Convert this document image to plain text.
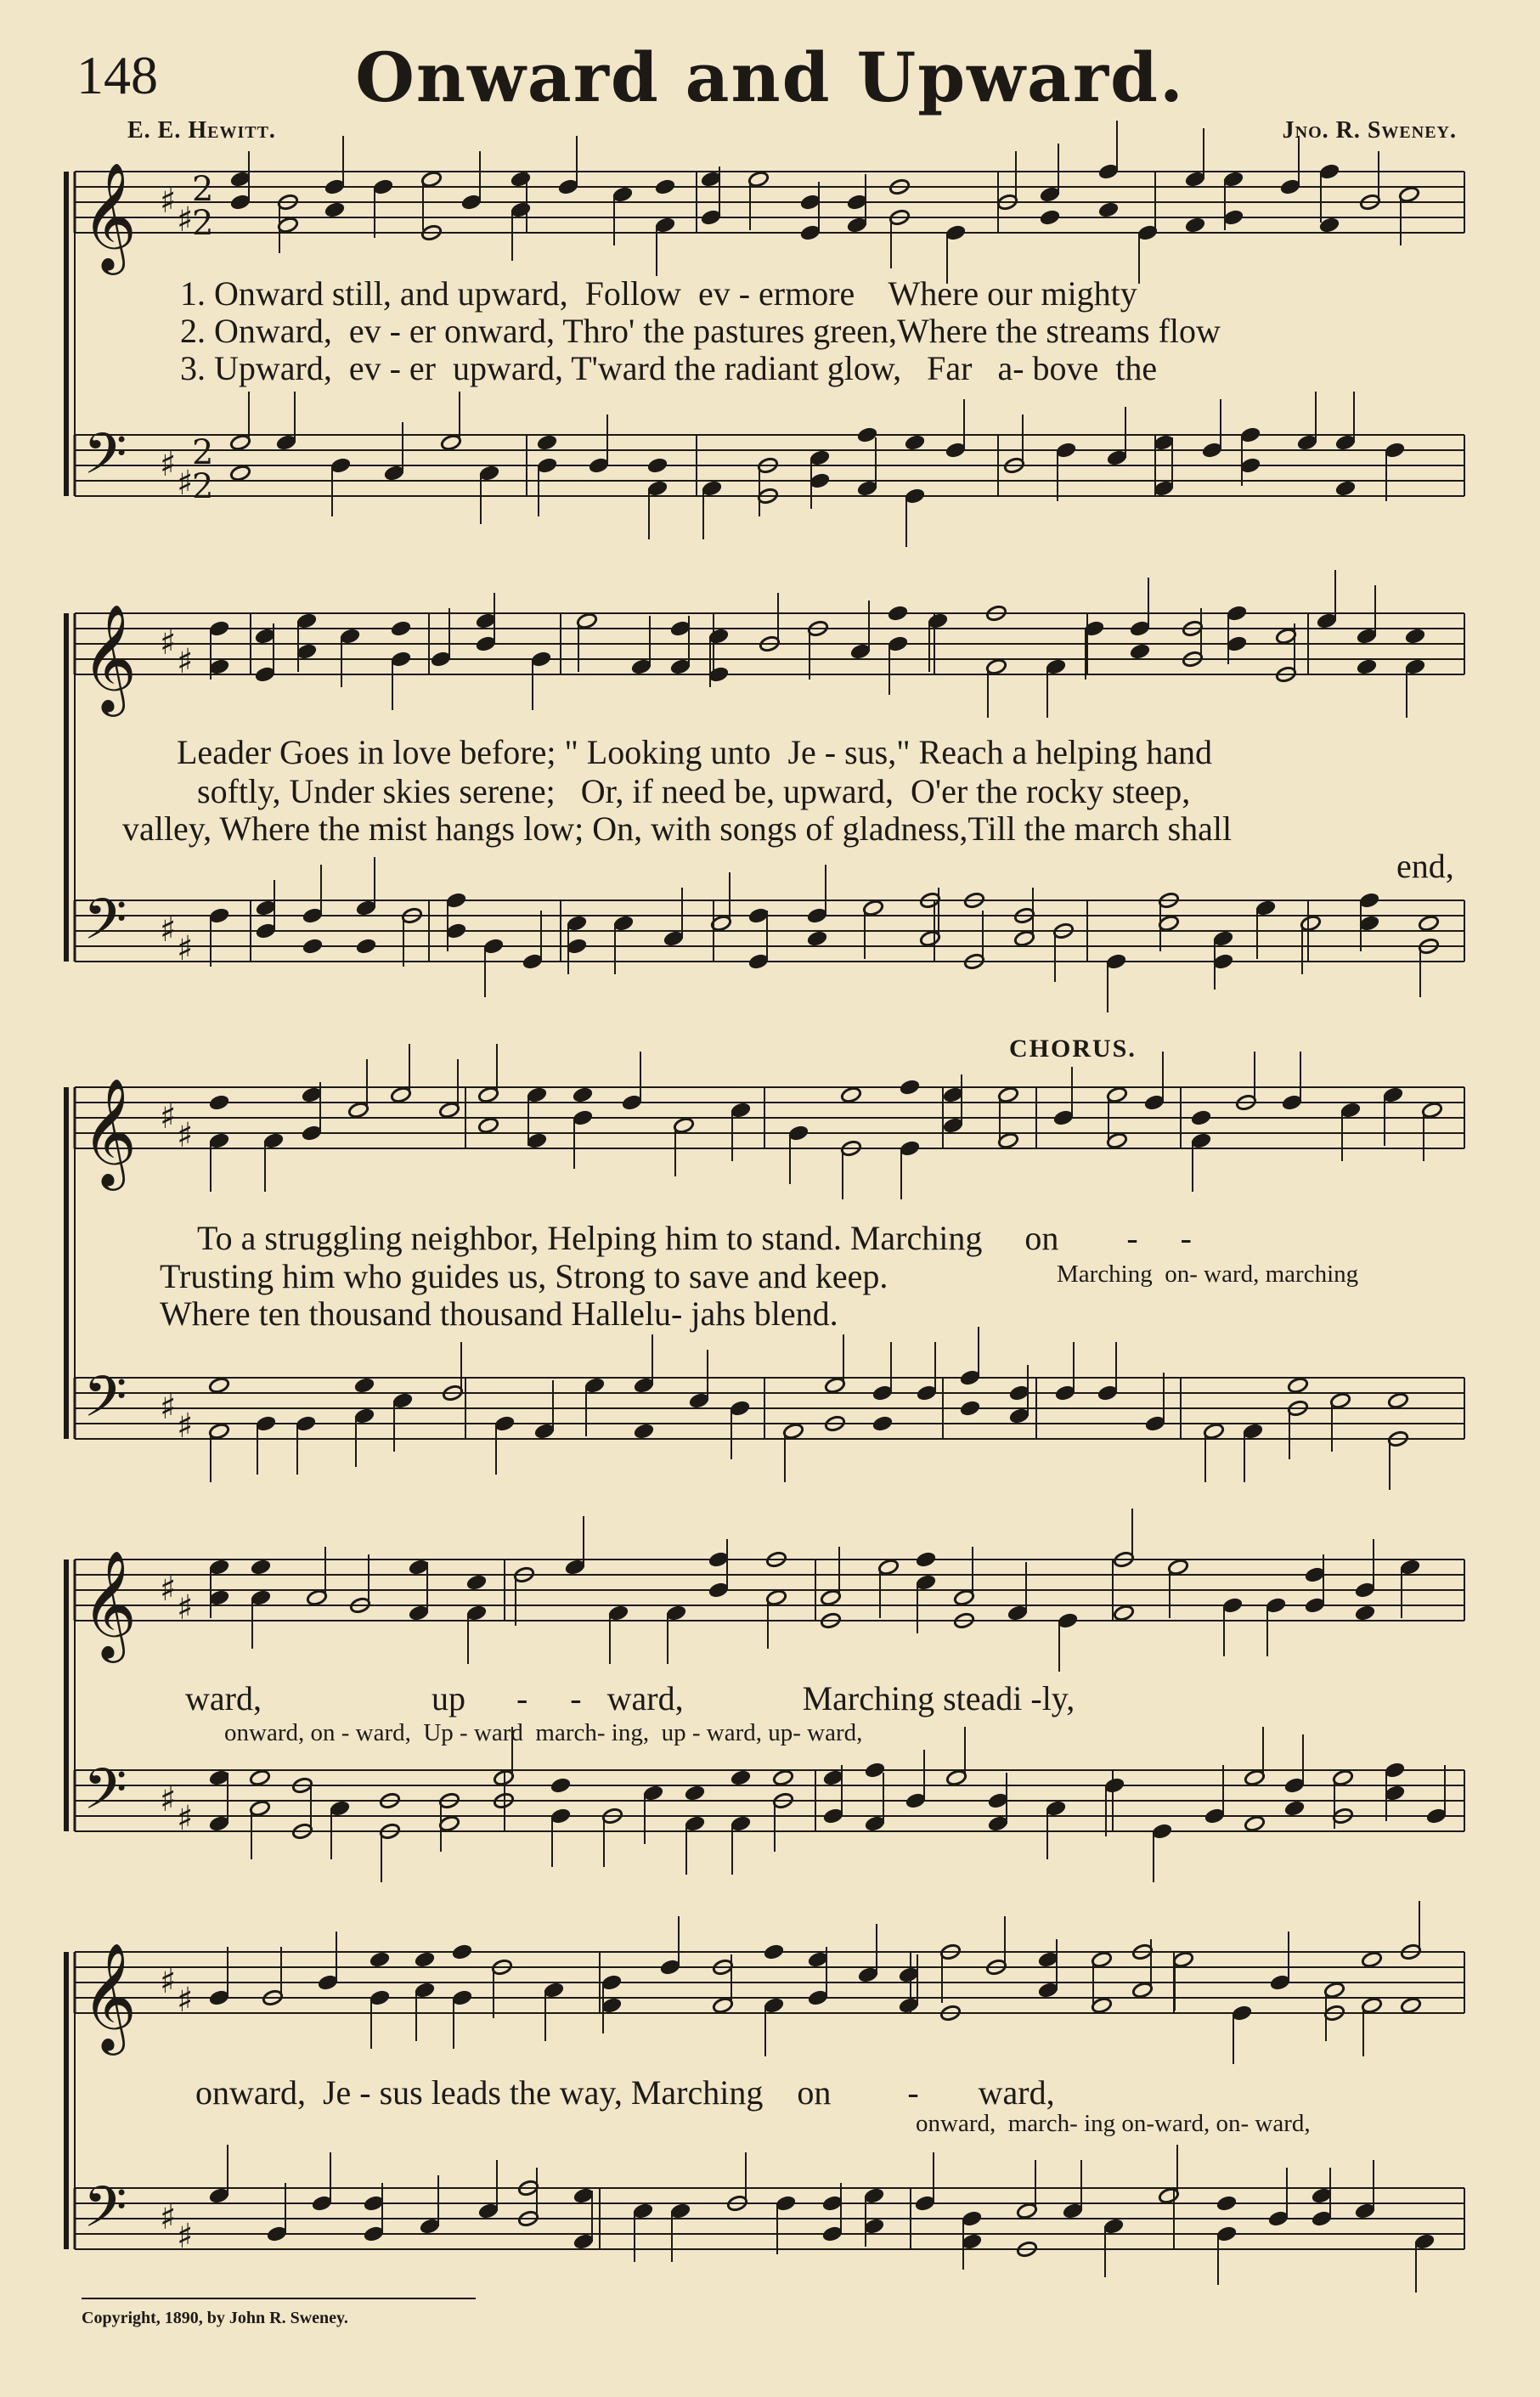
148	Onward and Upward.
E. E. Hewitt.	Jno. R. Sweney.
𝄞 ♯ ♯
2
2
𝄢 ♯ ♯
2
2
𝄞 ♯ ♯
𝄢 ♯ ♯
𝄞 ♯ ♯
𝄢 ♯ ♯
𝄞 ♯ ♯
𝄢 ♯ ♯
𝄞 ♯ ♯
𝄢 ♯ ♯
1. Onward still, and upward,  Follow  ev - ermore    Where our mighty
2. Onward,  ev - er onward, Thro' the pastures green,Where the streams flow
3. Upward,  ev - er  upward, T'ward the radiant glow,   Far   a- bove  the
Leader Goes in love before; " Looking unto  Je - sus," Reach a helping hand
softly, Under skies serene;   Or, if need be, upward,  O'er the rocky steep,
valley, Where the mist hangs low; On, with songs of gladness,Till the march shall
end,
CHORUS.
To a struggling neighbor, Helping him to stand. Marching     on        -     -
Trusting him who guides us, Strong to save and keep.	Marching  on- ward, marching
Where ten thousand thousand Hallelu- jahs blend.
ward,                    up      -     -   ward,              Marching steadi -ly,
onward, on - ward,  Up - ward  march- ing,  up - ward, up- ward,
onward,  Je - sus leads the way, Marching    on         -       ward,
onward,  march- ing on-ward, on- ward,
Copyright, 1890, by John R. Sweney.
